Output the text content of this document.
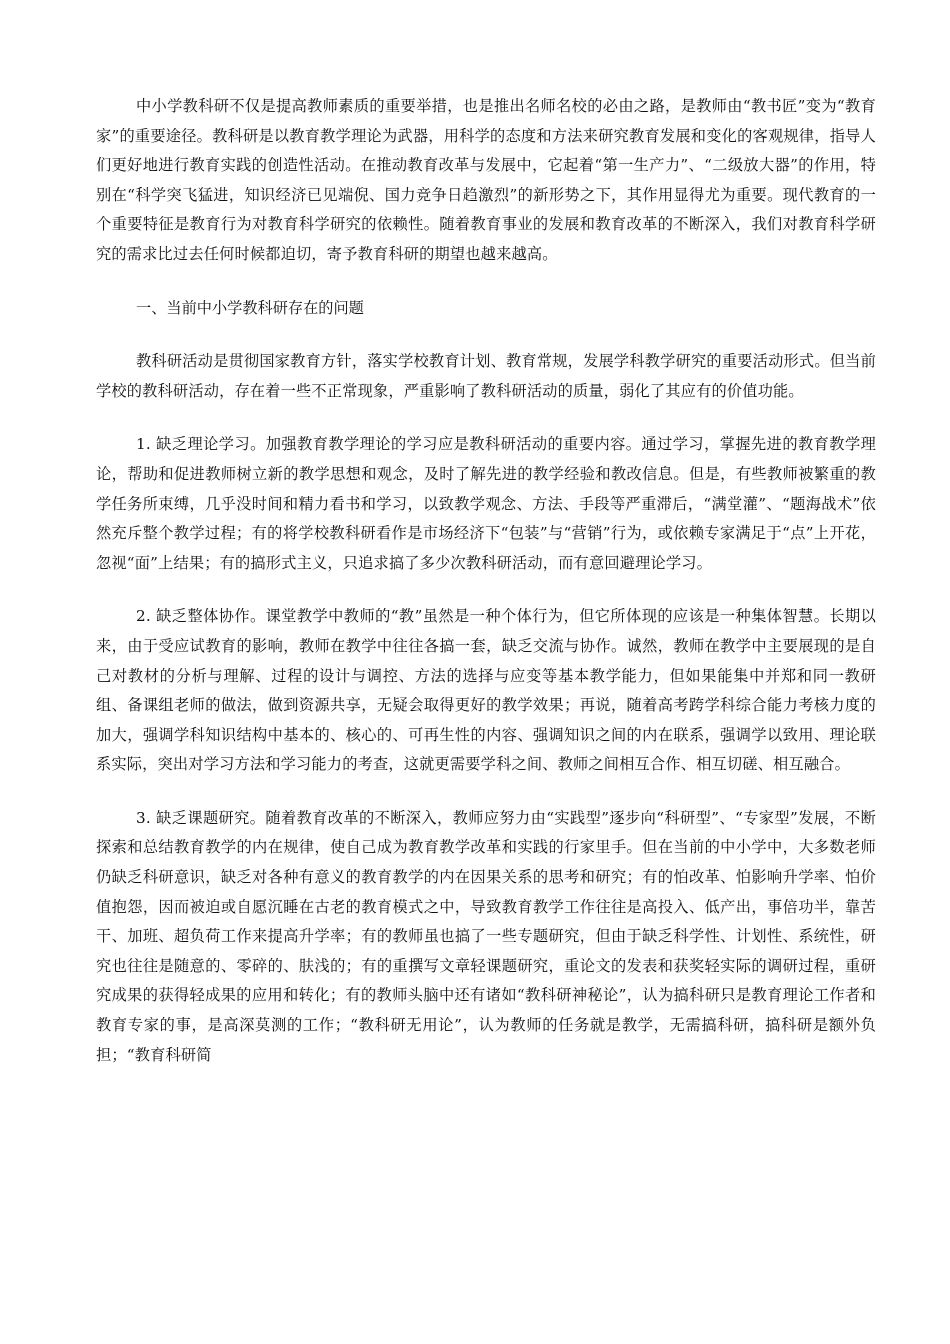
中小学教科研不仅是提高教师素质的重要举措，也是推出名师名校的必由之路，是教师由“教书匠”变为“教育家”的重要途径。教科研是以教育教学理论为武器，用科学的态度和方法来研究教育发展和变化的客观规律，指导人们更好地进行教育实践的创造性活动。在推动教育改革与发展中，它起着“第一生产力”、“二级放大器”的作用，特别在“科学突飞猛进，知识经济已见端倪、国力竞争日趋激烈”的新形势之下，其作用显得尤为重要。现代教育的一个重要特征是教育行为对教育科学研究的依赖性。随着教育事业的发展和教育改革的不断深入，我们对教育科学研究的需求比过去任何时候都迫切，寄予教育科研的期望也越来越高。

一、当前中小学教科研存在的问题

教科研活动是贯彻国家教育方针，落实学校教育计划、教育常规，发展学科教学研究的重要活动形式。但当前学校的教科研活动，存在着一些不正常现象，严重影响了教科研活动的质量，弱化了其应有的价值功能。

1. 缺乏理论学习。加强教育教学理论的学习应是教科研活动的重要内容。通过学习，掌握先进的教育教学理论，帮助和促进教师树立新的教学思想和观念，及时了解先进的教学经验和教改信息。但是，有些教师被繁重的教学任务所束缚，几乎没时间和精力看书和学习，以致教学观念、方法、手段等严重滞后，“满堂灌”、“题海战术”依然充斥整个教学过程；有的将学校教科研看作是市场经济下“包装”与“营销”行为，或依赖专家满足于“点”上开花，忽视“面”上结果；有的搞形式主义，只追求搞了多少次教科研活动，而有意回避理论学习。

2. 缺乏整体协作。课堂教学中教师的“教”虽然是一种个体行为，但它所体现的应该是一种集体智慧。长期以来，由于受应试教育的影响，教师在教学中往往各搞一套，缺乏交流与协作。诚然，教师在教学中主要展现的是自己对教材的分析与理解、过程的设计与调控、方法的选择与应变等基本教学能力，但如果能集中并郑和同一教研组、备课组老师的做法，做到资源共享，无疑会取得更好的教学效果；再说，随着高考跨学科综合能力考核力度的加大，强调学科知识结构中基本的、核心的、可再生性的内容、强调知识之间的内在联系，强调学以致用、理论联系实际，突出对学习方法和学习能力的考查，这就更需要学科之间、教师之间相互合作、相互切磋、相互融合。

3. 缺乏课题研究。随着教育改革的不断深入，教师应努力由“实践型”逐步向“科研型”、“专家型”发展，不断探索和总结教育教学的内在规律，使自己成为教育教学改革和实践的行家里手。但在当前的中小学中，大多数老师仍缺乏科研意识，缺乏对各种有意义的教育教学的内在因果关系的思考和研究；有的怕改革、怕影响升学率、怕价值抱怨，因而被迫或自愿沉睡在古老的教育模式之中，导致教育教学工作往往是高投入、低产出，事倍功半，靠苦干、加班、超负荷工作来提高升学率；有的教师虽也搞了一些专题研究，但由于缺乏科学性、计划性、系统性，研究也往往是随意的、零碎的、肤浅的；有的重撰写文章轻课题研究，重论文的发表和获奖轻实际的调研过程，重研究成果的获得轻成果的应用和转化；有的教师头脑中还有诸如“教科研神秘论”，认为搞科研只是教育理论工作者和教育专家的事，是高深莫测的工作；“教科研无用论”，认为教师的任务就是教学，无需搞科研，搞科研是额外负担；“教育科研简
